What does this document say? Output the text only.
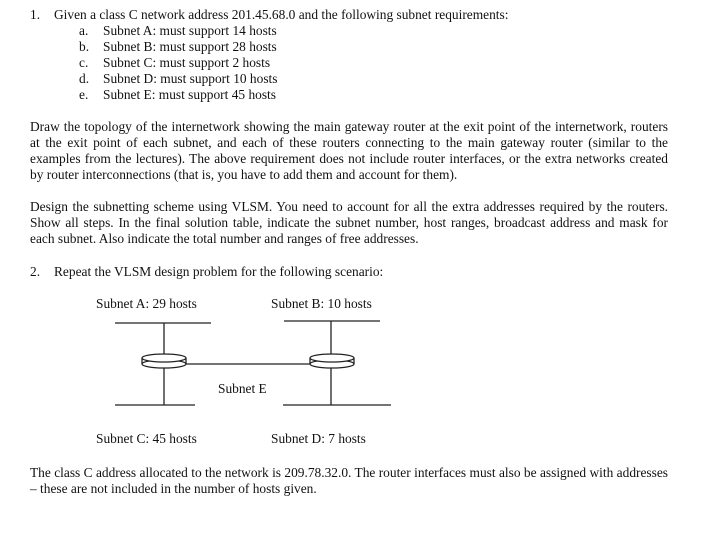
1. Given a class C network address 201.45.68.0 and the following subnet requirements:
a. Subnet A: must support 14 hosts
b. Subnet B: must support 28 hosts
c. Subnet C: must support 2 hosts
d. Subnet D: must support 10 hosts
e. Subnet E: must support 45 hosts
Draw the topology of the internetwork showing the main gateway router at the exit point of the internetwork, routers at the exit point of each subnet, and each of these routers connecting to the main gateway router (similar to the examples from the lectures). The above requirement does not include router interfaces, or the extra networks created by router interconnections (that is, you have to add them and account for them).
Design the subnetting scheme using VLSM. You need to account for all the extra addresses required by the routers. Show all steps. In the final solution table, indicate the subnet number, host ranges, broadcast address and mask for each subnet. Also indicate the total number and ranges of free addresses.
2. Repeat the VLSM design problem for the following scenario:
Subnet A: 29 hosts	Subnet B: 10 hosts
Subnet E
Subnet C: 45 hosts	Subnet D: 7 hosts
The class C address allocated to the network is 209.78.32.0. The router interfaces must also be assigned with addresses – these are not included in the number of hosts given.
